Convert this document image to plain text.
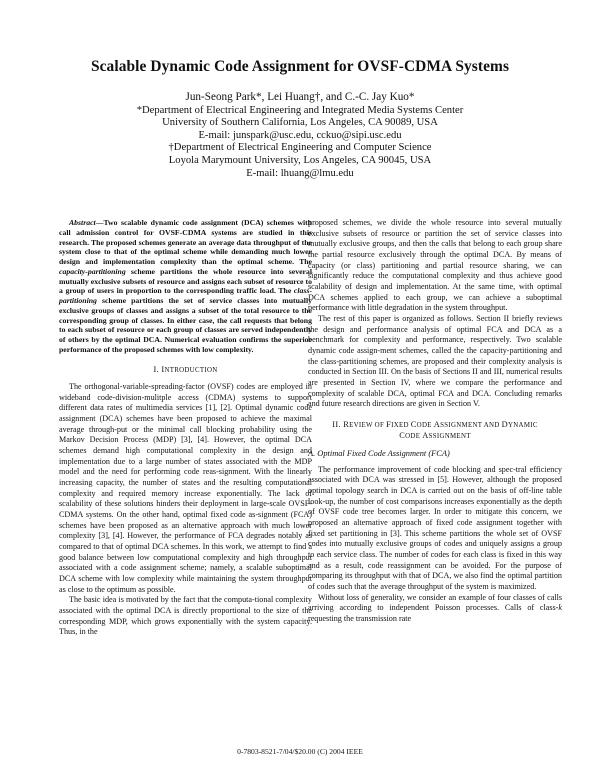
Scalable Dynamic Code Assignment for OVSF-CDMA Systems
Jun-Seong Park*, Lei Huang†, and C.-C. Jay Kuo*
*Department of Electrical Engineering and Integrated Media Systems Center
University of Southern California, Los Angeles, CA 90089, USA
E-mail: junspark@usc.edu, cckuo@sipi.usc.edu
†Department of Electrical Engineering and Computer Science
Loyola Marymount University, Los Angeles, CA 90045, USA
E-mail: lhuang@lmu.edu

Abstract—Two scalable dynamic code assignment (DCA) schemes with call admission control for OVSF-CDMA systems are studied in this research. The proposed schemes generate an average data throughput of the system close to that of the optimal scheme while demanding much lower design and implementation complexity than the optimal scheme. The capacity-partitioning scheme partitions the whole resource into several mutually exclusive subsets of resource and assigns each subset of resource to a group of users in proportion to the corresponding traffic load. The class-partitioning scheme partitions the set of service classes into mutually exclusive groups of classes and assigns a subset of the total resource to the corresponding group of classes. In either case, the call requests that belong to each subset of resource or each group of classes are served independently of others by the optimal DCA. Numerical evaluation confirms the superior performance of the proposed schemes with low complexity.

I. INTRODUCTION

The orthogonal-variable-spreading-factor (OVSF) codes are employed in wideband code-division-mulitple access (CDMA) systems to support different data rates of multimedia services [1], [2]. Optimal dynamic code assignment (DCA) schemes have been proposed to achieve the maximal average through-put or the minimal call blocking probability using the Markov Decision Process (MDP) [3], [4]. However, the optimal DCA schemes demand high computational complexity in the design and implementation due to a large number of states associated with the MDP model and the need for performing code reas-signment. With the linearly increasing capacity, the number of states and the resulting computational complexity and required memory increase exponentially. The lack of scalability of these solutions hinders their deployment in large-scale OVSF-CDMA systems. On the other hand, optimal fixed code as-signment (FCA) schemes have been proposed as an alternative approach with much lower complexity [3], [4]. However, the performance of FCA degrades notably as compared to that of optimal DCA schemes. In this work, we attempt to find a good balance between low computational complexity and high throughput associated with a code assignment scheme; namely, a scalable suboptimal DCA scheme with low complexity while maintaining the system throughput as close to the optimum as possible.

The basic idea is motivated by the fact that the computa-tional complexity associated with the optimal DCA is directly proportional to the size of the corresponding MDP, which grows exponentially with the system capacity. Thus, in the

proposed schemes, we divide the whole resource into several mutually exclusive subsets of resource or partition the set of service classes into mutually exclusive groups, and then the calls that belong to each group share the partial resource exclusively through the optimal DCA. By means of capacity (or class) partitioning and partial resource sharing, we can significantly reduce the computational complexity and thus achieve good scalability of design and implementation. At the same time, with optimal DCA schemes applied to each group, we can achieve a suboptimal performance with little degradation in the system throughput.

The rest of this paper is organized as follows. Section II briefly reviews the design and performance analysis of optimal FCA and DCA as a benchmark for complexity and performance, respectively. Two scalable dynamic code assign-ment schemes, called the the capacity-partitioning and the class-partitioning schemes, are proposed and their complexity analysis is conducted in Section III. On the basis of Sections II and III, numerical results are presented in Section IV, where we compare the performance and complexity of scalable DCA, optimal FCA and DCA. Concluding remarks and future research directions are given in Section V.

II. REVIEW OF FIXED CODE ASSIGNMENT AND DYNAMIC
CODE ASSIGNMENT
A. Optimal Fixed Code Assignment (FCA)

The performance improvement of code blocking and spec-tral efficiency associated with DCA was stressed in [5]. However, although the proposed optimal topology search in DCA is carried out on the basis of off-line table look-up, the number of cost comparisons increases exponentially as the depth of OVSF code tree becomes larger. In order to mitigate this concern, we proposed an alternative approach of fixed code assignment together with fixed set partitioning in [3]. This scheme partitions the whole set of OVSF codes into mutually exclusive groups of codes and uniquely assigns a group to each service class. The number of codes for each class is fixed in this way and as a result, code reassignment can be avoided. For the purpose of comparing its throughput with that of DCA, we also find the optimal partition of codes such that the average throughput of the system is maximized.

Without loss of generality, we consider an example of four classes of calls arriving according to independent Poisson processes. Calls of class-k requesting the transmission rate

0-7803-8521-7/04/$20.00 (C) 2004 IEEE
